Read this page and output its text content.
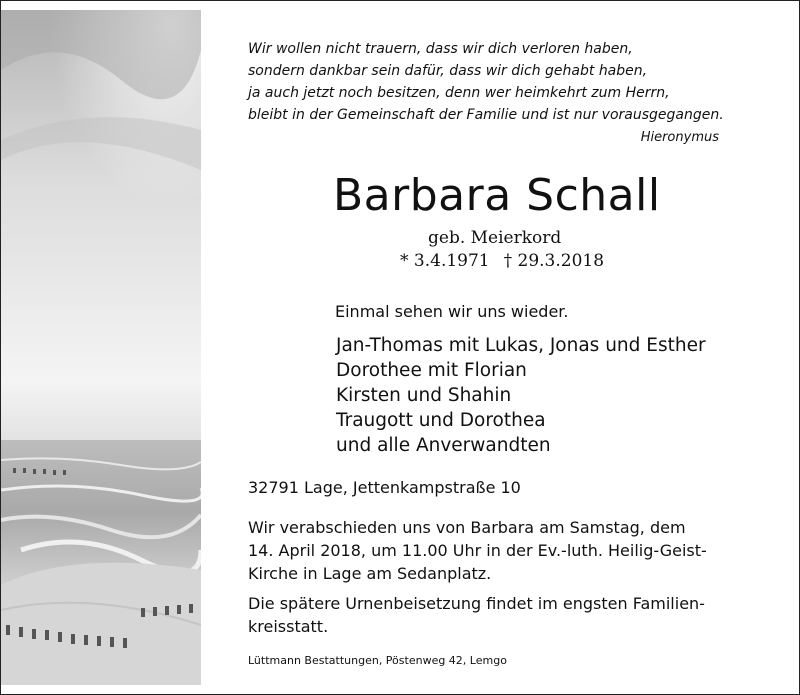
Wir wollen nicht trauern, dass wir dich verloren haben,
sondern dankbar sein dafür, dass wir dich gehabt haben,
ja auch jetzt noch besitzen, denn wer heimkehrt zum Herrn,
bleibt in der Gemeinschaft der Familie und ist nur vorausgegangen.
Hieronymus
Barbara Schall
geb. Meierkord
* 3.4.1971 † 29.3.2018
Einmal sehen wir uns wieder.
Jan-Thomas mit Lukas, Jonas und Esther
Dorothee mit Florian
Kirsten und Shahin
Traugott und Dorothea
und alle Anverwandten
32791 Lage, Jettenkampstraße 10
Wir verabschieden uns von Barbara am Samstag, dem
14. April 2018, um 11.00 Uhr in der Ev.-luth. Heilig-Geist-
Kirche in Lage am Sedanplatz.
Die spätere Urnenbeisetzung findet im engsten Familien-
kreisstatt.
Lüttmann Bestattungen, Pöstenweg 42, Lemgo
